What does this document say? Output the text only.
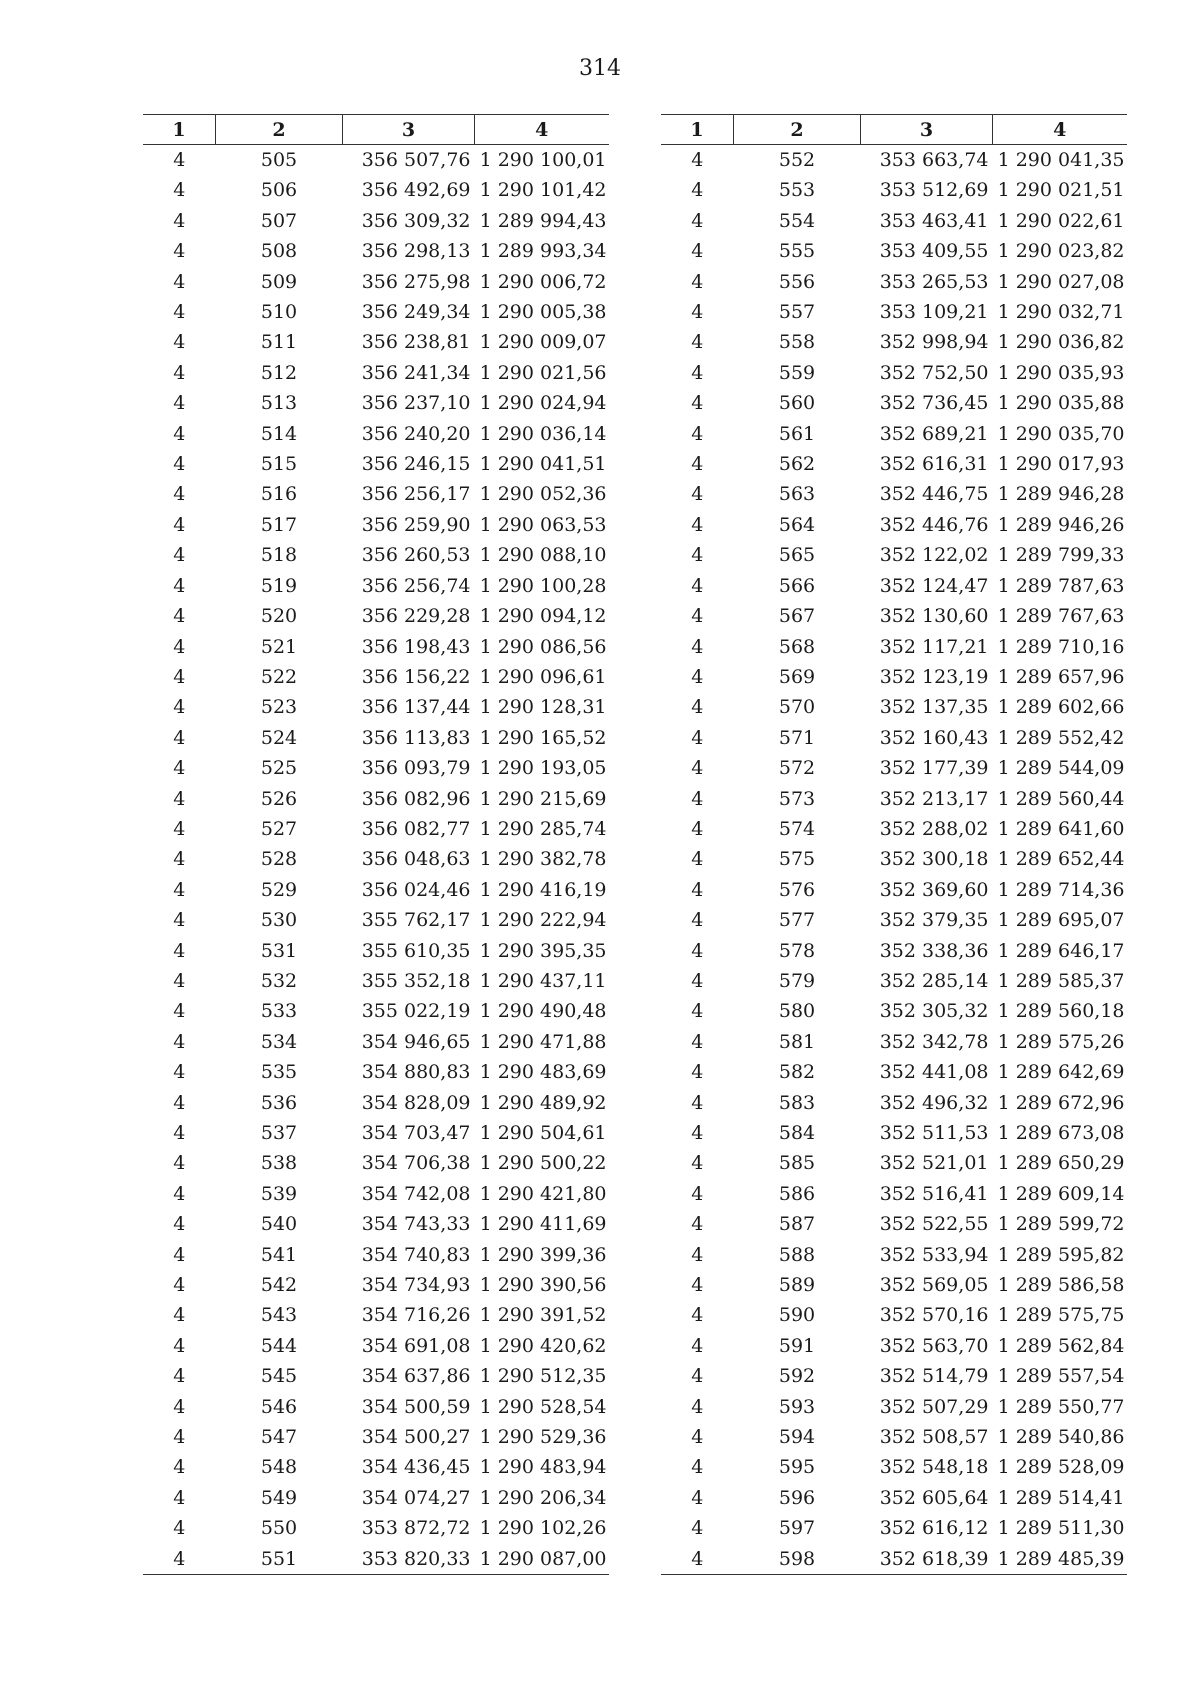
314
1	2	3	4
4	505	356 507,76	1 290 100,01
4	506	356 492,69	1 290 101,42
4	507	356 309,32	1 289 994,43
4	508	356 298,13	1 289 993,34
4	509	356 275,98	1 290 006,72
4	510	356 249,34	1 290 005,38
4	511	356 238,81	1 290 009,07
4	512	356 241,34	1 290 021,56
4	513	356 237,10	1 290 024,94
4	514	356 240,20	1 290 036,14
4	515	356 246,15	1 290 041,51
4	516	356 256,17	1 290 052,36
4	517	356 259,90	1 290 063,53
4	518	356 260,53	1 290 088,10
4	519	356 256,74	1 290 100,28
4	520	356 229,28	1 290 094,12
4	521	356 198,43	1 290 086,56
4	522	356 156,22	1 290 096,61
4	523	356 137,44	1 290 128,31
4	524	356 113,83	1 290 165,52
4	525	356 093,79	1 290 193,05
4	526	356 082,96	1 290 215,69
4	527	356 082,77	1 290 285,74
4	528	356 048,63	1 290 382,78
4	529	356 024,46	1 290 416,19
4	530	355 762,17	1 290 222,94
4	531	355 610,35	1 290 395,35
4	532	355 352,18	1 290 437,11
4	533	355 022,19	1 290 490,48
4	534	354 946,65	1 290 471,88
4	535	354 880,83	1 290 483,69
4	536	354 828,09	1 290 489,92
4	537	354 703,47	1 290 504,61
4	538	354 706,38	1 290 500,22
4	539	354 742,08	1 290 421,80
4	540	354 743,33	1 290 411,69
4	541	354 740,83	1 290 399,36
4	542	354 734,93	1 290 390,56
4	543	354 716,26	1 290 391,52
4	544	354 691,08	1 290 420,62
4	545	354 637,86	1 290 512,35
4	546	354 500,59	1 290 528,54
4	547	354 500,27	1 290 529,36
4	548	354 436,45	1 290 483,94
4	549	354 074,27	1 290 206,34
4	550	353 872,72	1 290 102,26
4	551	353 820,33	1 290 087,00
1	2	3	4
4	552	353 663,74	1 290 041,35
4	553	353 512,69	1 290 021,51
4	554	353 463,41	1 290 022,61
4	555	353 409,55	1 290 023,82
4	556	353 265,53	1 290 027,08
4	557	353 109,21	1 290 032,71
4	558	352 998,94	1 290 036,82
4	559	352 752,50	1 290 035,93
4	560	352 736,45	1 290 035,88
4	561	352 689,21	1 290 035,70
4	562	352 616,31	1 290 017,93
4	563	352 446,75	1 289 946,28
4	564	352 446,76	1 289 946,26
4	565	352 122,02	1 289 799,33
4	566	352 124,47	1 289 787,63
4	567	352 130,60	1 289 767,63
4	568	352 117,21	1 289 710,16
4	569	352 123,19	1 289 657,96
4	570	352 137,35	1 289 602,66
4	571	352 160,43	1 289 552,42
4	572	352 177,39	1 289 544,09
4	573	352 213,17	1 289 560,44
4	574	352 288,02	1 289 641,60
4	575	352 300,18	1 289 652,44
4	576	352 369,60	1 289 714,36
4	577	352 379,35	1 289 695,07
4	578	352 338,36	1 289 646,17
4	579	352 285,14	1 289 585,37
4	580	352 305,32	1 289 560,18
4	581	352 342,78	1 289 575,26
4	582	352 441,08	1 289 642,69
4	583	352 496,32	1 289 672,96
4	584	352 511,53	1 289 673,08
4	585	352 521,01	1 289 650,29
4	586	352 516,41	1 289 609,14
4	587	352 522,55	1 289 599,72
4	588	352 533,94	1 289 595,82
4	589	352 569,05	1 289 586,58
4	590	352 570,16	1 289 575,75
4	591	352 563,70	1 289 562,84
4	592	352 514,79	1 289 557,54
4	593	352 507,29	1 289 550,77
4	594	352 508,57	1 289 540,86
4	595	352 548,18	1 289 528,09
4	596	352 605,64	1 289 514,41
4	597	352 616,12	1 289 511,30
4	598	352 618,39	1 289 485,39
